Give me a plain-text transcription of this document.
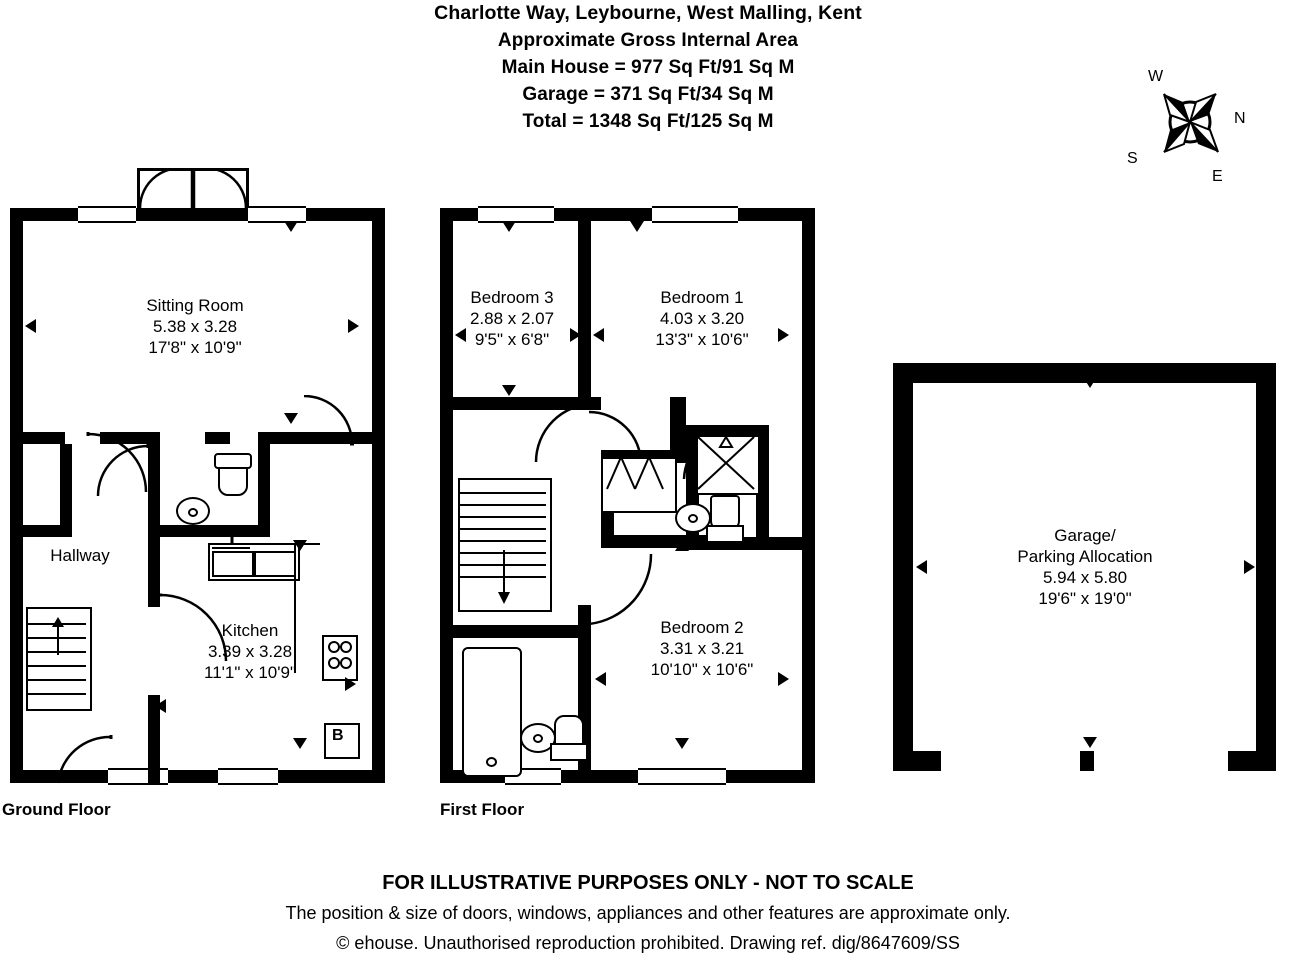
Charlotte Way, Leybourne, West Malling, Kent
Approximate Gross Internal Area
Main House = 977 Sq Ft/91 Sq M
Garage = 371 Sq Ft/34 Sq M
Total = 1348 Sq Ft/125 Sq M	N
E
S
W
B
Sitting Room
5.38 x 3.28
17'8" x 10'9"
Hallway
Kitchen
3.39 x 3.28
11'1" x 10'9"
Ground Floor
Bedroom 3
2.88 x 2.07
9'5" x 6'8"
Bedroom 1
4.03 x 3.20
13'3" x 10'6"
Bedroom 2
3.31 x 3.21
10'10" x 10'6"
First Floor
Garage/
Parking Allocation
5.94 x 5.80
19'6" x 19'0"
FOR ILLUSTRATIVE PURPOSES ONLY - NOT TO SCALE
The position & size of doors, windows, appliances and other features are approximate only.
© ehouse. Unauthorised reproduction prohibited. Drawing ref. dig/8647609/SS
